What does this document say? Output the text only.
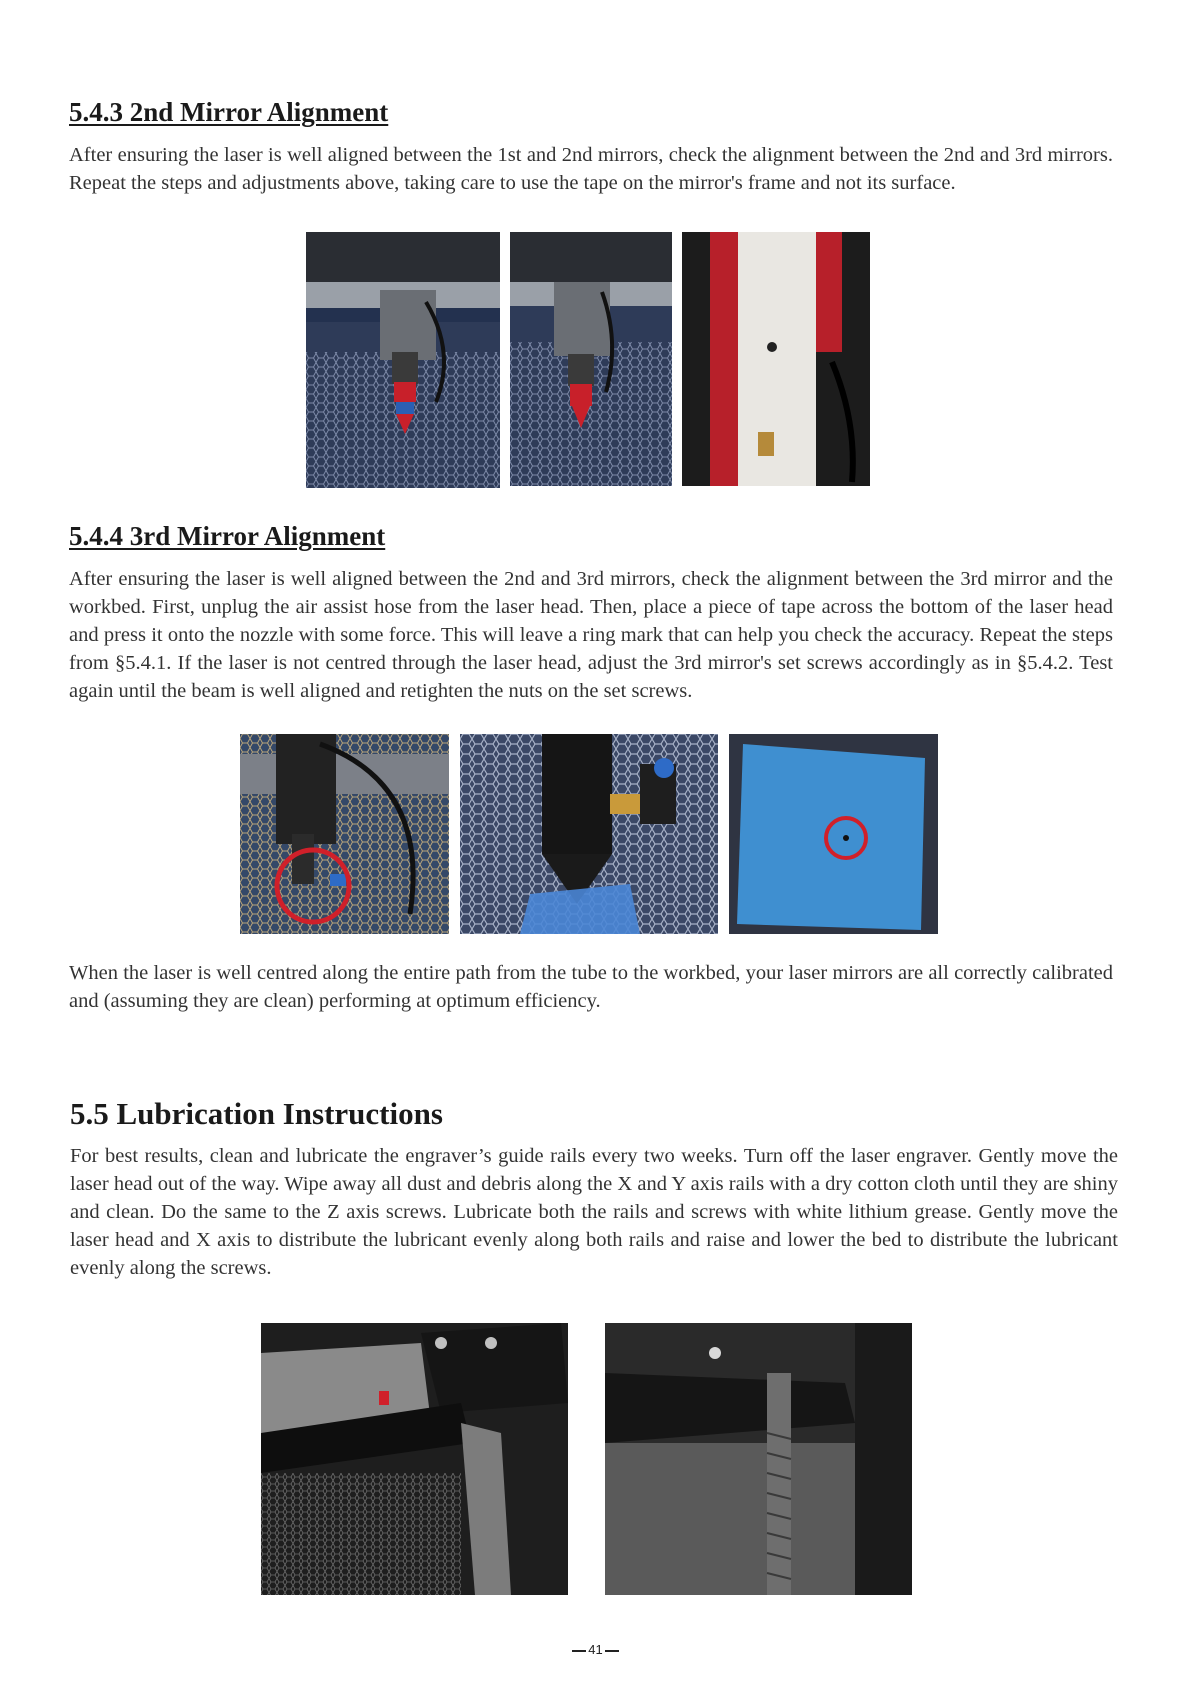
5.4.3 2nd Mirror Alignment

After ensuring the laser is well aligned between the 1st and 2nd mirrors, check the alignment between the 2nd and 3rd mirrors. Repeat the steps and adjustments above, taking care to use the tape on the mirror's frame and not its surface.

5.4.4 3rd Mirror Alignment

After ensuring the laser is well aligned between the 2nd and 3rd mirrors, check the alignment between the 3rd mirror and the workbed. First, unplug the air assist hose from the laser head. Then, place a piece of tape across the bottom of the laser head and press it onto the nozzle with some force. This will leave a ring mark that can help you check the accuracy. Repeat the steps from §5.4.1. If the laser is not centred through the laser head, adjust the 3rd mirror's set screws accordingly as in §5.4.2. Test again until the beam is well aligned and retighten the nuts on the set screws.

When the laser is well centred along the entire path from the tube to the workbed, your laser mirrors are all correctly calibrated and (assuming they are clean) performing at optimum efficiency.

5.5 Lubrication Instructions

For best results, clean and lubricate the engraver’s guide rails every two weeks. Turn off the laser engraver. Gently move the laser head out of the way. Wipe away all dust and debris along the X and Y axis rails with a dry cotton cloth until they are shiny and clean. Do the same to the Z axis screws. Lubricate both the rails and screws with white lithium grease. Gently move the laser head and X axis to distribute the lubricant evenly along both rails and raise and lower the bed to distribute the lubricant evenly along the screws.

41
